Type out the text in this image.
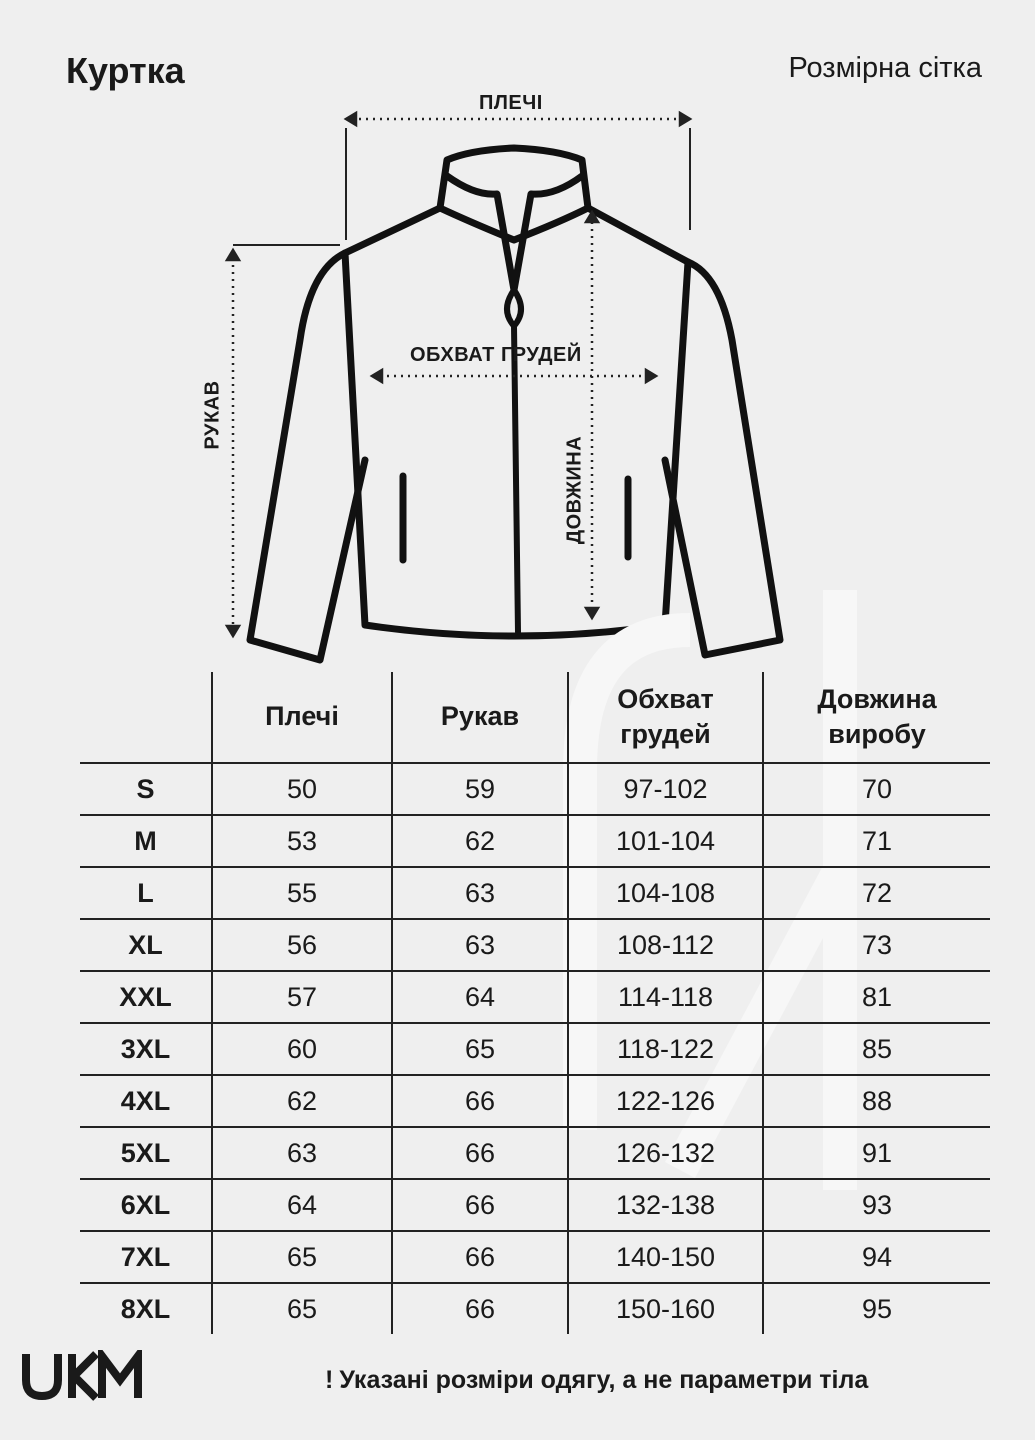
Куртка	Розмірна сітка
ПЛЕЧІ
ОБХВАТ ГРУДЕЙ
РУКАВ
ДОВЖИНА
	Плечі	Рукав	Обхват грудей	Довжина виробу
S	50	59	97-102	70
M	53	62	101-104	71
L	55	63	104-108	72
XL	56	63	108-112	73
XXL	57	64	114-118	81
3XL	60	65	118-122	85
4XL	62	66	122-126	88
5XL	63	66	126-132	91
6XL	64	66	132-138	93
7XL	65	66	140-150	94
8XL	65	66	150-160	95
! Указані розміри одягу, а не параметри тіла
